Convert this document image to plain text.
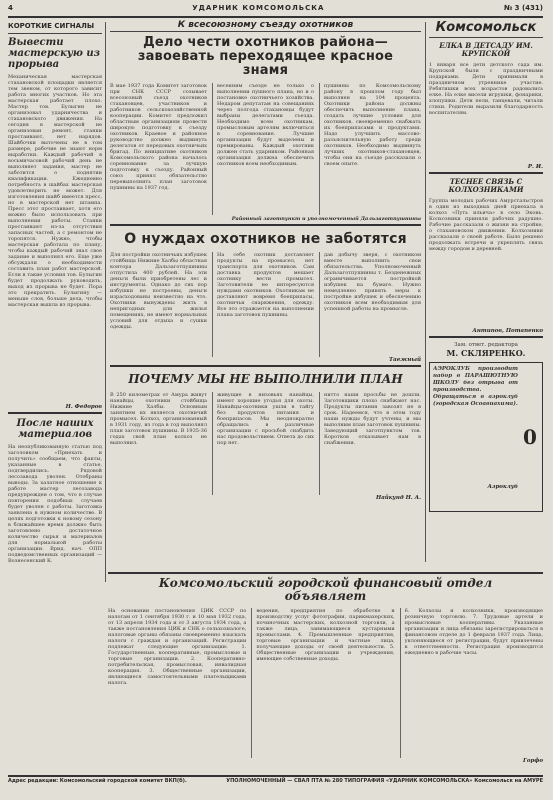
4	УДАРНИК КОМСОМОЛЬСКА	№ 3 (431)
КОРОТКИЕ СИГНАЛЫ
Вывести мастерскую из прорыва
Механическая мастерская стахановской площадки является тем звеном, от которого зависит работа многих участков. Но эта мастерская работает плохо. Мастер тов. Булыгин не организовал ударничества и стахановского движения. На сегодня в мастерской не организован ремонт, станки простаивают, нет нарядов. Шайбочки выточены не в том размере, рабочие не знают норм выработки. Каждый рабочий в восьмичасовой рабочий день не выполняет задания, мастер не заботится о поднятии квалификации. Ежедневно потребность в шайбах мастерская удовлетворить не может. Для изготовления шайб имеется пресс, но в мастерской нет штампа. Пресс этот простаивает, хотя его можно было использовать при выполнении работы. Станки простаивают из-за отсутствия запасных частей, а с ремонтом не торопятся. Нужно, чтобы мастерская работала по плану, чтобы каждый рабочий знал свое задание и выполнял его. Еще уже обсуждали о необходимости составить план работ мастерской. Если в такие условия тов. Булыгин будет продолжать руководить, выход из прорыва не будет. Пора это прекратить. Булыгину — меньше слов, больше дела, чтобы мастерская вышла из прорыва.
Н. Федоров
После наших материалов
На неопубликованную статью под заголовком «Приехать и получить» сообщаем, что факты, указанные в статье, подтвердились. Рядовой лесозавода уволен. Отобраны выводы. За халатное отношение к работе мастер лесозавода предупрежден о том, что в случае повторения подобных случаев будет уволен с работы. Заготовка заявлена в нужном количестве. В целях подготовки к новому сезону в ближайшее время должно быть заготовлено достаточное количество сырья и материалов для нормальной работы организации. Врид. нач. ОПП подведомственных организаций — Вознесенский К.
К всесоюзному съезду охотников
Дело чести охотников района—завоевать переходящее красное знамя
В мае 1937 года Комитет заготовок при СНК СССР созывает всесоюзный съезд охотников стахановцев, участников и работников сельскохозяйственной кооперации. Комитет предложил областным организациям провести широкую подготовку к съезду охотников. Краевое и районное руководство должно выдвинуть делегатов от передовых охотничьих бригад. По инициативе охотников Комсомольского района началось соревнование за лучшую подготовку к съезду. Районный союз принял обязательство перевыполнить план заготовок пушнины на 1937 год.
весенним съезде не только о выполнении пушного плана, но и о постановке охотничьего хозяйства. Недаром депутатам на совещаниях через полгода стахановцы будут выбраны делегатами съезда. Необходимо всем охотникам, промысловым артелям включиться в соревнование. Лучшие организации будут выделены и премированы. Каждый охотник должен стать ударником. Районная организация должна обеспечить охотников всем необходимым.
пушнины по Комсомольскому району в прошлом году был выполнен на 104 процента. Охотники района должны обеспечить выполнение плана, создать лучшие условия для охотников, своевременно снабжать их боеприпасами и продуктами. Надо улучшить массово-разъяснительную работу среди охотников. Необходимо выдвинуть лучших охотников-стахановцев, чтобы они на съезде рассказали о своем опыте.
Районный заготпункт и уполномоченный Дальзаготпушнины
О нуждах охотников не заботятся
Для постройки охотничьих избушек стойбища Нижние Халбы областная контора Дальзаготпушнины отпустила 400 рублей. На эти деньги были приобретены лес и инструменты. Однако до сих пор избушки не построены, деньги израсходованы неизвестно на что. Охотники вынуждены жить в непригодных для жилья помещениях, не имеют нормальных условий для отдыха и сушки одежды.
На себе охотник доставляет продукты на промысел, нет транспорта для охотников. Сам доставка продуктов мешает охотнику вести промысел. Заготовители не интересуются нуждами охотников. Охотникам не доставляют вовремя боеприпасы, охотничьи снаряжения, одежду. Все это отражается на выполнении плана заготовок пушнины.
дав добычу зверя, с охотником вместе выполнить свои обязательства. Уполномоченный Дальзаготпушнины т. Безденежных ограничивается постройкой избушек на бумаге. Нужно немедленно принять меры к постройке избушек и обеспечению охотников всем необходимым для успешной работы на промысле.
Таежный
ПОЧЕМУ МЫ НЕ ВЫПОЛНИЛИ ПЛАН
В 250 километрах от Амура живут нанайцы, охотники стойбища Нижние Халбы. Основным занятием их является охотничий промысел. Колхоз, организованный в 1931 году, из года в год выполнял план заготовок пушнины. В 1935-36 годах свой план колхоз не выполнил.
живущие в низовьях нанайцы, имеют хорошие угодья для охоты. Нанайцы-охотники ушли в тайгу без продуктов питания и боеприпасов. Мы неоднократно обращались в различные организации с просьбой снабдить нас продовольствием. Ответа до сих пор нет.
нитто наши просьбы не дошли. Заготовщики плохо снабжают нас. Продукты питания завозят не в срок. Надеемся, что в этом году наши нужды будут учтены, и мы выполним план заготовок пушнины. Заведующий заготпунктом тов. Коротков отказывает нам в снабжении.
Найкунд Н. А.
Комсомольск
ЕЛКА В ДЕТСАДУ ИМ. КРУПСКОЙ
1 января все дети детского сада им. Крупской были с праздничными подарками. Дети принимали в праздничном утреннике участие. Ребятишки всех возрастов радовались елке. На елке висели игрушки, фонарики, хлопушки. Дети пели, танцевали, читали стихи. Родители выразили благодарность воспитателям.
Р. И.
ТЕСНЕЕ СВЯЗЬ С КОЛХОЗНИКАМИ
Группа молодых рабочих Амурстальстроя в один из выходных дней приехала в колхоз «Путь ильича» в село Эконь. Колхозники приняли рабочих радушно. Рабочие рассказали о жизни на стройке, о стахановском движении. Колхозники рассказали о своей работе. Было решено продолжать встречи и укреплять связь между городом и деревней.
Антипов, Потапенко
Зам. ответ. редактора
М. СКЛЯРЕНКО.
АЭРОКЛУБ производит набор в ПАРАШЮТНУЮ ШКОЛУ без отрыва от производства. Обращаться в аэроклуб (городская Осоавиахима).
Аэроклуб
0
Комсомольский городской финансовый отдел объявляет
На основании постановления ЦИК СССР по налогам от 1 сентября 1930 г. и 10 мая 1932 года, от 13 апреля 1934 года и от 3 августа 1934 года, а также постановления ЦИК и СНК о сельхозналоге, налоговые органы обязаны своевременно взыскать налоги с граждан и организаций. Регистрации подлежат следующие организации: 1. Государственные, кооперативные, промысловые и торговые организации. 2. Кооперативно-потребительская, промысловая, инвалидная кооперация. 3. Общественные организации, являющиеся самостоятельными плательщиками налога.
ведения, предприятия по обработке и производству услуг фотографии, парикмахерских, починочных мастерских, колхозной торговли, а также лица, занимающиеся кустарными промыслами. 4. Промышленные предприятия, торговые организации и частные лица, получающие доходы от своей деятельности. 5. Общественные организации и учреждения, имеющие собственные доходы.
6. Колхозы и колхозники, производящие розничную торговлю. 7. Трудовые артели и промысловые кооперативы. Указанные организации и лица обязаны зарегистрироваться в финансовом отделе до 1 февраля 1937 года. Лица, уклоняющиеся от регистрации, будут привлечены к ответственности. Регистрация производится ежедневно в рабочие часы.
Горфо
Адрес редакции: Комсомольский городской комитет ВКП(б).	УПОЛНОМОЧЕННЫЙ — СВАЛ ПТА № 280 ТИПОГРАФИЯ «УДАРНИК КОМСОМОЛЬСКА» Комсомольск на АМУРЕ
